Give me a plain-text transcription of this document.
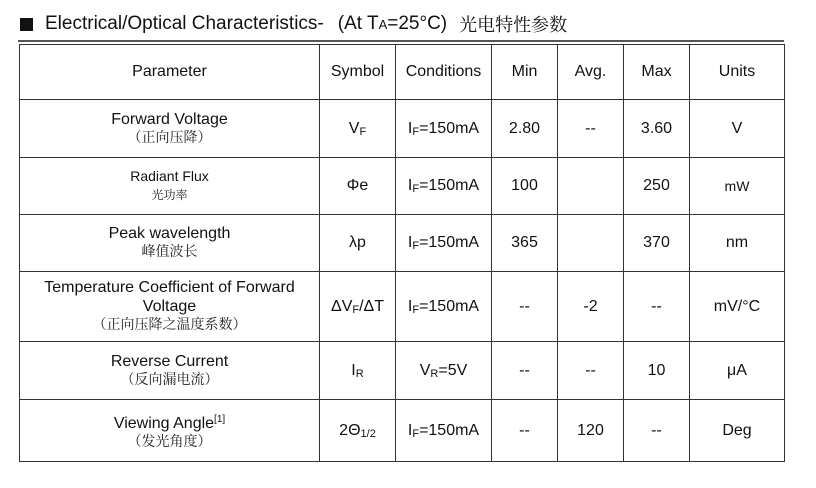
Electrical/Optical Characteristics- (At TA=25°C) 光电特性参数
Parameter	Symbol	Conditions	Min	Avg.	Max	Units

Forward Voltage
（正向压降）	VF	IF=150mA	2.80	--	3.60	V

Radiant Flux
光功率	Φe	IF=150mA	100		250	mW

Peak wavelength
峰值波长	λp	IF=150mA	365		370	nm

Temperature Coefficient of Forward
Voltage
（正向压降之温度系数）	ΔVF/ΔT	IF=150mA	--	-2	--	mV/°C

Reverse Current
（反向漏电流）	IR	VR=5V	--	--	10	μA

Viewing Angle[1]
（发光角度）	2Θ1/2	IF=150mA	--	120	--	Deg
